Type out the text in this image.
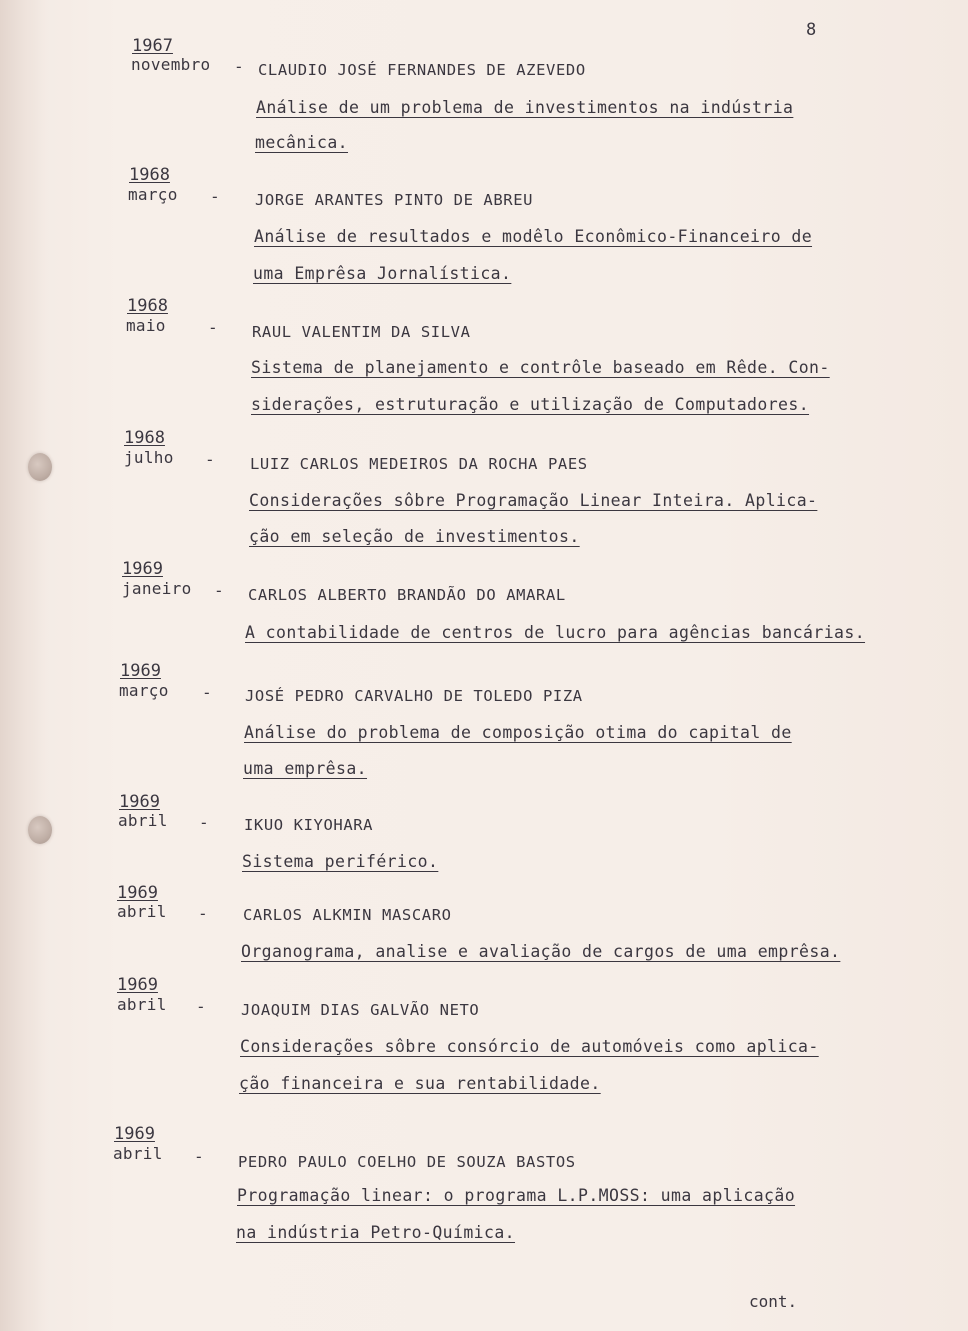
8
1967
novembro - CLAUDIO JOSÉ FERNANDES DE AZEVEDO
Análise de um problema de investimentos na indústria
mecânica.
1968
março - JORGE ARANTES PINTO DE ABREU
Análise de resultados e modêlo Econômico-Financeiro de
uma Emprêsa Jornalística.
1968
maio	- RAUL VALENTIM DA SILVA
Sistema de planejamento e contrôle baseado em Rêde. Con-
siderações, estruturação e utilização de Computadores.
1968
julho - LUIZ CARLOS MEDEIROS DA ROCHA PAES
Considerações sôbre Programação Linear Inteira. Aplica-
ção em seleção de investimentos.
1969
janeiro - CARLOS ALBERTO BRANDÃO DO AMARAL
A contabilidade de centros de lucro para agências bancárias.
1969
março - JOSÉ PEDRO CARVALHO DE TOLEDO PIZA
Análise do problema de composição otima do capital de
uma emprêsa.
1969
abril - IKUO KIYOHARA
Sistema periférico.
1969
abril - CARLOS ALKMIN MASCARO
Organograma, analise e avaliação de cargos de uma emprêsa.
1969
abril - JOAQUIM DIAS GALVÃO NETO
Considerações sôbre consórcio de automóveis como aplica-
ção financeira e sua rentabilidade.
1969
abril - PEDRO PAULO COELHO DE SOUZA BASTOS
Programação linear: o programa L.P.MOSS: uma aplicação
na indústria Petro-Química.
cont.
